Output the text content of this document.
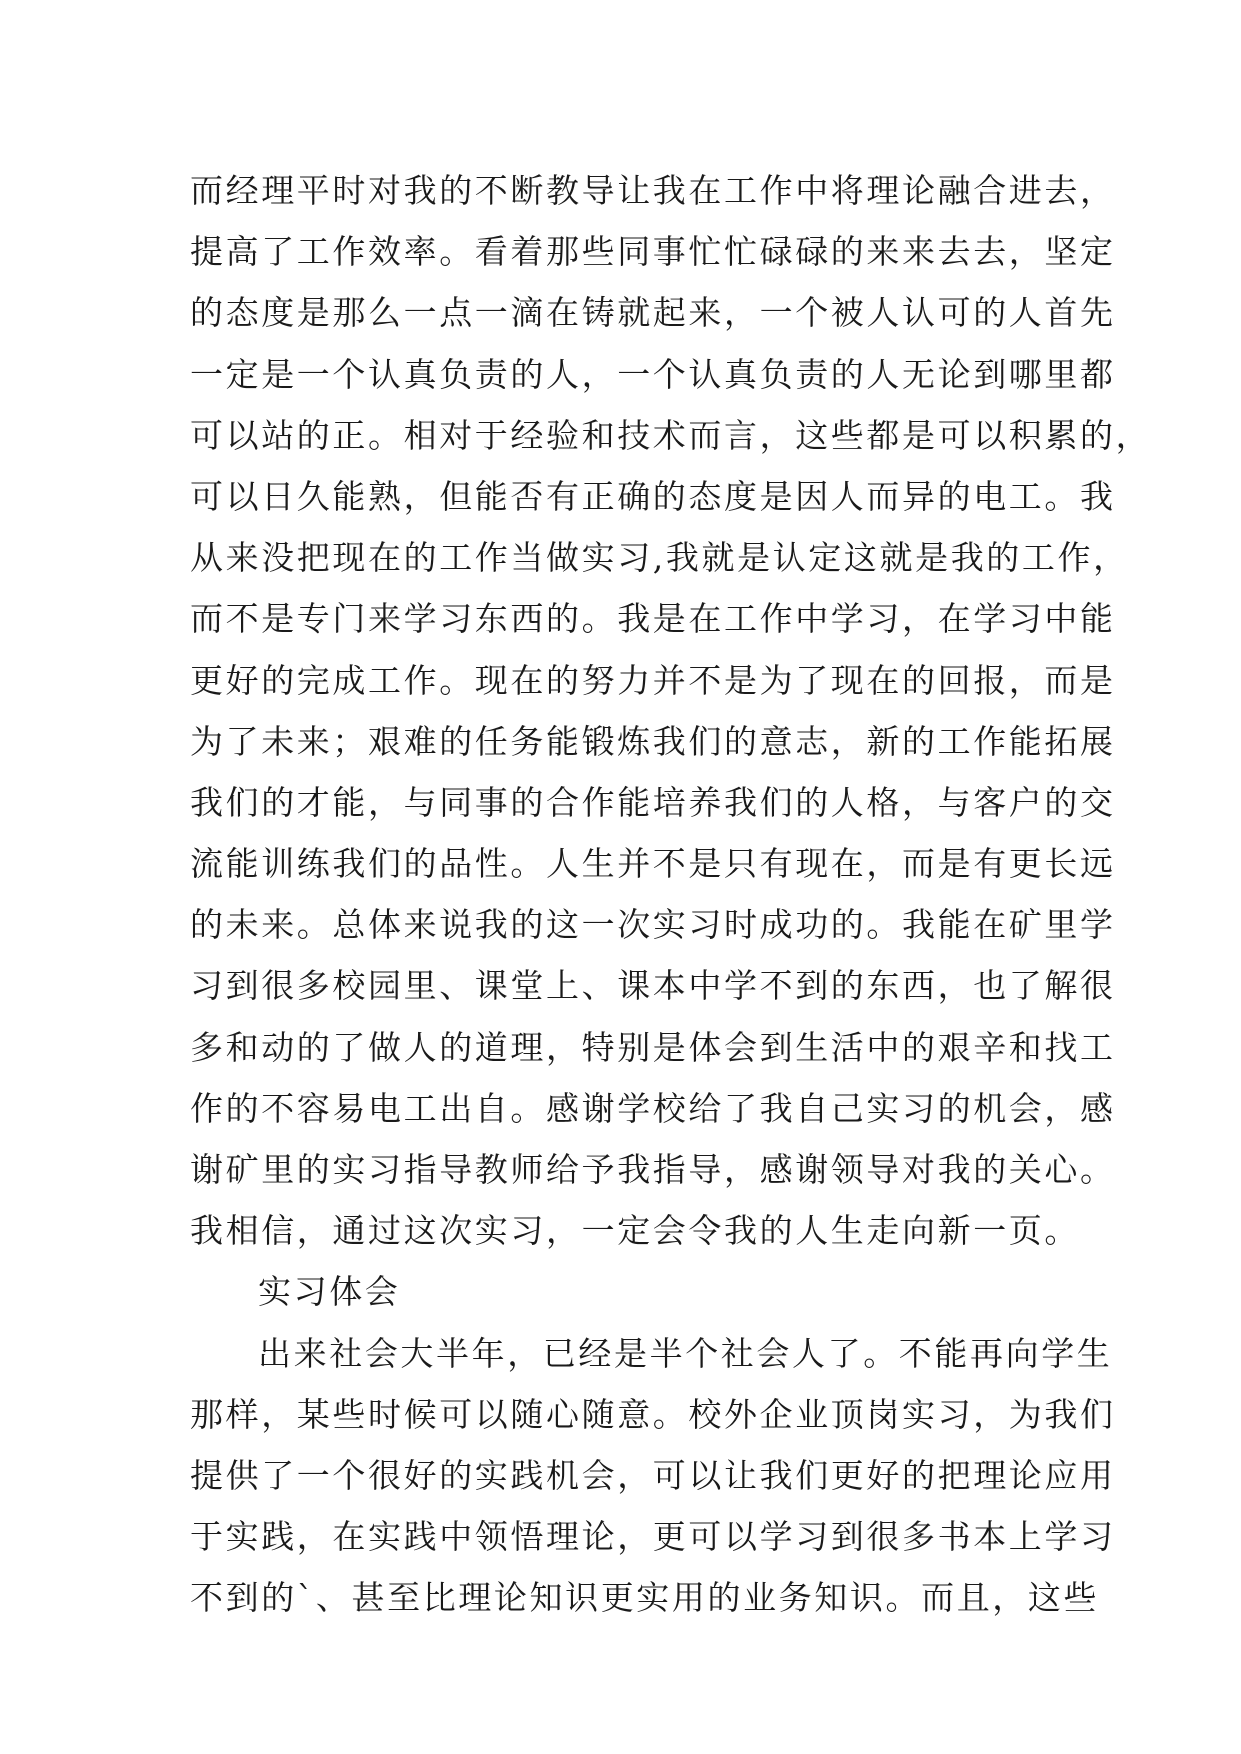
而经理平时对我的不断教导让我在工作中将理论融合进去，
提高了工作效率。看着那些同事忙忙碌碌的来来去去，坚定
的态度是那么一点一滴在铸就起来，一个被人认可的人首先
一定是一个认真负责的人，一个认真负责的人无论到哪里都
可以站的正。相对于经验和技术而言，这些都是可以积累的，
可以日久能熟，但能否有正确的态度是因人而异的电工。我
从来没把现在的工作当做实习,我就是认定这就是我的工作，
而不是专门来学习东西的。我是在工作中学习，在学习中能
更好的完成工作。现在的努力并不是为了现在的回报，而是
为了未来；艰难的任务能锻炼我们的意志，新的工作能拓展
我们的才能，与同事的合作能培养我们的人格，与客户的交
流能训练我们的品性。人生并不是只有现在，而是有更长远
的未来。总体来说我的这一次实习时成功的。我能在矿里学
习到很多校园里、课堂上、课本中学不到的东西，也了解很
多和动的了做人的道理，特别是体会到生活中的艰辛和找工
作的不容易电工出自。感谢学校给了我自己实习的机会，感
谢矿里的实习指导教师给予我指导，感谢领导对我的关心。
我相信，通过这次实习，一定会令我的人生走向新一页。
实习体会
出来社会大半年，已经是半个社会人了。不能再向学生
那样，某些时候可以随心随意。校外企业顶岗实习，为我们
提供了一个很好的实践机会，可以让我们更好的把理论应用
于实践，在实践中领悟理论，更可以学习到很多书本上学习
不到的`、甚至比理论知识更实用的业务知识。而且，这些
